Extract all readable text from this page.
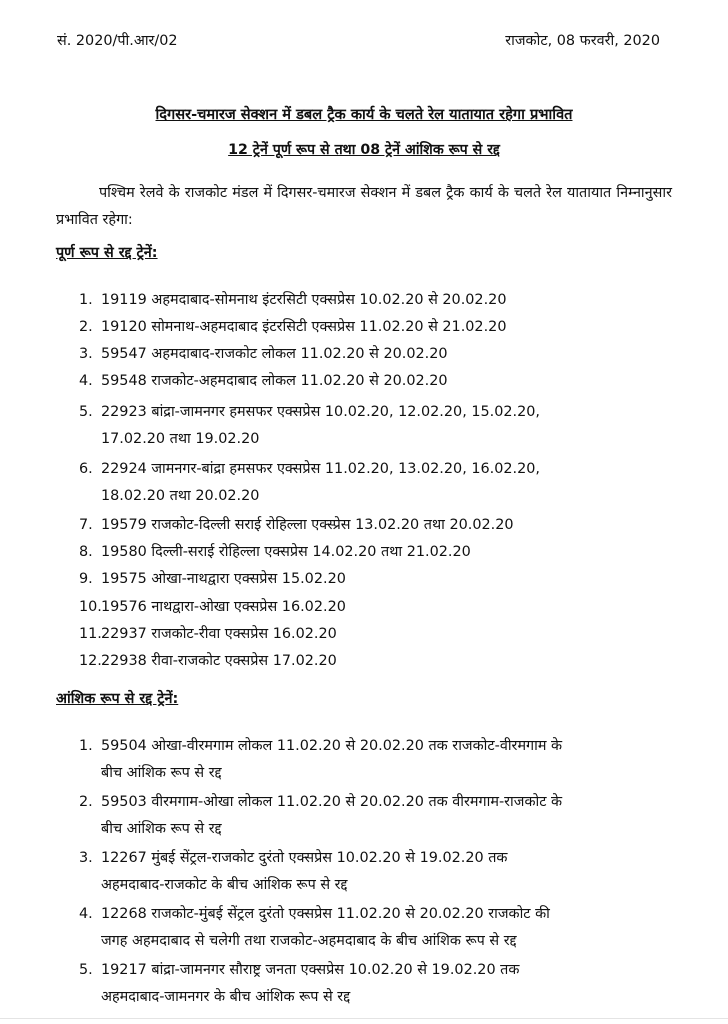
सं. 2020/पी.आर/02	राजकोट, 08 फरवरी, 2020
दिगसर-चमारज सेक्शन में डबल ट्रैक कार्य के चलते रेल यातायात रहेगा प्रभावित
12 ट्रेनें पूर्ण रूप से तथा 08 ट्रेनें आंशिक रूप से रद्द
पश्चिम रेलवे के राजकोट मंडल में दिगसर-चमारज सेक्शन में डबल ट्रैक कार्य के चलते रेल यातायात निम्नानुसार प्रभावित रहेगा:
पूर्ण रूप से रद्द ट्रेनें:
1. 19119 अहमदाबाद-सोमनाथ इंटरसिटी एक्सप्रेस 10.02.20 से 20.02.20
2. 19120 सोमनाथ-अहमदाबाद इंटरसिटी एक्सप्रेस 11.02.20 से 21.02.20
3. 59547 अहमदाबाद-राजकोट लोकल 11.02.20 से 20.02.20
4. 59548 राजकोट-अहमदाबाद लोकल 11.02.20 से 20.02.20
5. 22923 बांद्रा-जामनगर हमसफर एक्सप्रेस 10.02.20, 12.02.20, 15.02.20,
17.02.20 तथा 19.02.20
6. 22924 जामनगर-बांद्रा हमसफर एक्सप्रेस 11.02.20, 13.02.20, 16.02.20,
18.02.20 तथा 20.02.20
7. 19579 राजकोट-दिल्ली सराई रोहिल्ला एक्स्प्रेस 13.02.20 तथा 20.02.20
8. 19580 दिल्ली-सराई रोहिल्ला एक्सप्रेस 14.02.20 तथा 21.02.20
9. 19575 ओखा-नाथद्वारा एक्सप्रेस 15.02.20
10.19576 नाथद्वारा-ओखा एक्सप्रेस 16.02.20
11.22937 राजकोट-रीवा एक्सप्रेस 16.02.20
12.22938 रीवा-राजकोट एक्सप्रेस 17.02.20
आंशिक रूप से रद्द ट्रेनें:
1. 59504 ओखा-वीरमगाम लोकल 11.02.20 से 20.02.20 तक राजकोट-वीरमगाम के
बीच आंशिक रूप से रद्द
2. 59503 वीरमगाम-ओखा लोकल 11.02.20 से 20.02.20 तक वीरमगाम-राजकोट के
बीच आंशिक रूप से रद्द
3. 12267 मुंबई सेंट्रल-राजकोट दुरंतो एक्सप्रेस 10.02.20 से 19.02.20 तक
अहमदाबाद-राजकोट के बीच आंशिक रूप से रद्द
4. 12268 राजकोट-मुंबई सेंट्रल दुरंतो एक्सप्रेस 11.02.20 से 20.02.20 राजकोट की
जगह अहमदाबाद से चलेगी तथा राजकोट-अहमदाबाद के बीच आंशिक रूप से रद्द
5. 19217 बांद्रा-जामनगर सौराष्ट्र जनता एक्सप्रेस 10.02.20 से 19.02.20 तक
अहमदाबाद-जामनगर के बीच आंशिक रूप से रद्द
